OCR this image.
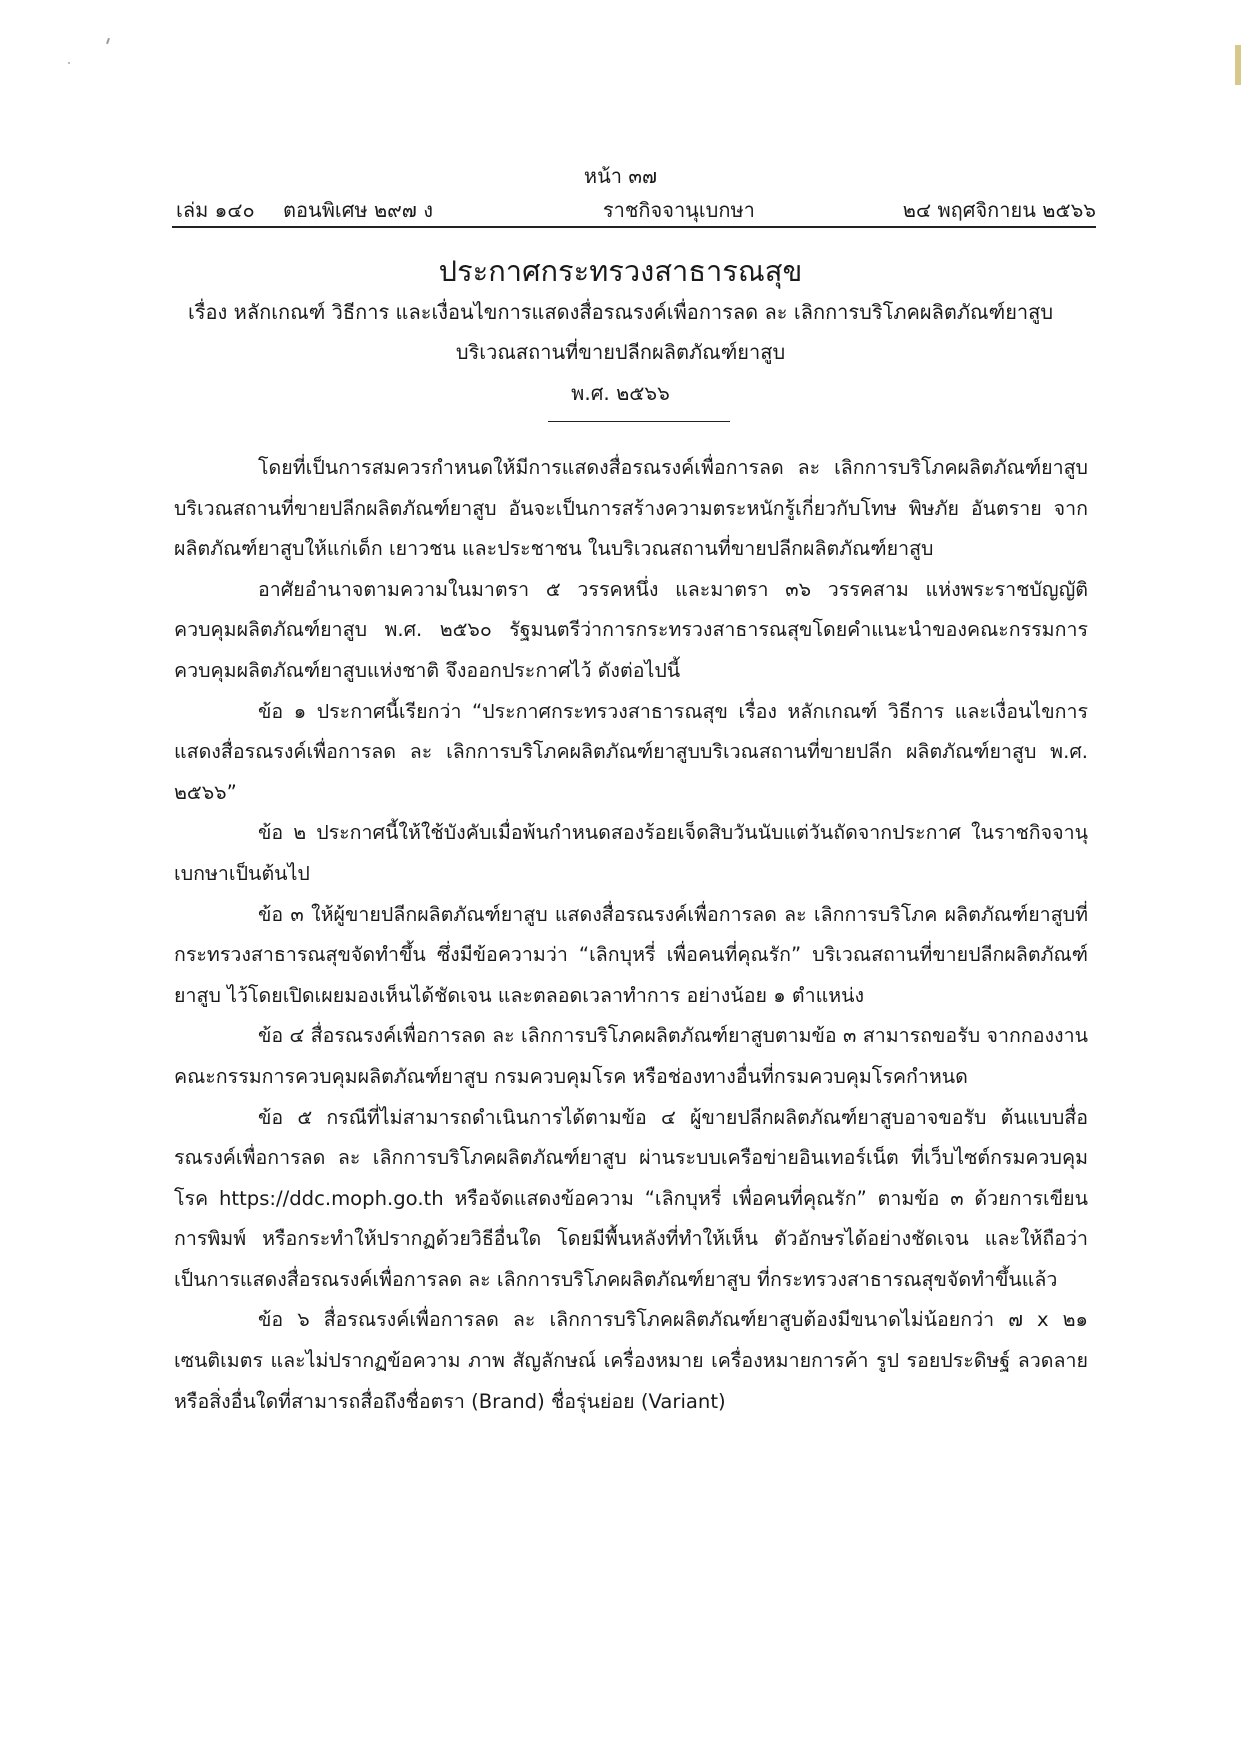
หน้า ๓๗
เล่ม ๑๔๐ ตอนพิเศษ ๒๙๗ ง	ราชกิจจานุเบกษา	๒๔ พฤศจิกายน ๒๕๖๖
ประกาศกระทรวงสาธารณสุข
เรื่อง หลักเกณฑ์ วิธีการ และเงื่อนไขการแสดงสื่อรณรงค์เพื่อการลด ละ เลิกการบริโภคผลิตภัณฑ์ยาสูบ
บริเวณสถานที่ขายปลีกผลิตภัณฑ์ยาสูบ
พ.ศ. ๒๕๖๖

โดยที่เป็นการสมควรกำหนดให้มีการแสดงสื่อรณรงค์เพื่อการลด ละ เลิกการบริโภคผลิตภัณฑ์ยาสูบ บริเวณสถานที่ขายปลีกผลิตภัณฑ์ยาสูบ อันจะเป็นการสร้างความตระหนักรู้เกี่ยวกับโทษ พิษภัย อันตราย จากผลิตภัณฑ์ยาสูบให้แก่เด็ก เยาวชน และประชาชน ในบริเวณสถานที่ขายปลีกผลิตภัณฑ์ยาสูบ

อาศัยอำนาจตามความในมาตรา ๕ วรรคหนึ่ง และมาตรา ๓๖ วรรคสาม แห่งพระราชบัญญัติ ควบคุมผลิตภัณฑ์ยาสูบ พ.ศ. ๒๕๖๐ รัฐมนตรีว่าการกระทรวงสาธารณสุขโดยคำแนะนำของคณะกรรมการ ควบคุมผลิตภัณฑ์ยาสูบแห่งชาติ จึงออกประกาศไว้ ดังต่อไปนี้

ข้อ ๑ ประกาศนี้เรียกว่า “ประกาศกระทรวงสาธารณสุข เรื่อง หลักเกณฑ์ วิธีการ และเงื่อนไขการแสดงสื่อรณรงค์เพื่อการลด ละ เลิกการบริโภคผลิตภัณฑ์ยาสูบบริเวณสถานที่ขายปลีก ผลิตภัณฑ์ยาสูบ พ.ศ. ๒๕๖๖”

ข้อ ๒ ประกาศนี้ให้ใช้บังคับเมื่อพ้นกำหนดสองร้อยเจ็ดสิบวันนับแต่วันถัดจากประกาศ ในราชกิจจานุเบกษาเป็นต้นไป

ข้อ ๓ ให้ผู้ขายปลีกผลิตภัณฑ์ยาสูบ แสดงสื่อรณรงค์เพื่อการลด ละ เลิกการบริโภค ผลิตภัณฑ์ยาสูบที่กระทรวงสาธารณสุขจัดทำขึ้น ซึ่งมีข้อความว่า “เลิกบุหรี่ เพื่อคนที่คุณรัก” บริเวณสถานที่ขายปลีกผลิตภัณฑ์ยาสูบ ไว้โดยเปิดเผยมองเห็นได้ชัดเจน และตลอดเวลาทำการ อย่างน้อย ๑ ตำแหน่ง

ข้อ ๔ สื่อรณรงค์เพื่อการลด ละ เลิกการบริโภคผลิตภัณฑ์ยาสูบตามข้อ ๓ สามารถขอรับ จากกองงานคณะกรรมการควบคุมผลิตภัณฑ์ยาสูบ กรมควบคุมโรค หรือช่องทางอื่นที่กรมควบคุมโรคกำหนด

ข้อ ๕ กรณีที่ไม่สามารถดำเนินการได้ตามข้อ ๔ ผู้ขายปลีกผลิตภัณฑ์ยาสูบอาจขอรับ ต้นแบบสื่อรณรงค์เพื่อการลด ละ เลิกการบริโภคผลิตภัณฑ์ยาสูบ ผ่านระบบเครือข่ายอินเทอร์เน็ต ที่เว็บไซต์กรมควบคุมโรค https://ddc.moph.go.th หรือจัดแสดงข้อความ “เลิกบุหรี่ เพื่อคนที่คุณรัก” ตามข้อ ๓ ด้วยการเขียน การพิมพ์ หรือกระทำให้ปรากฏด้วยวิธีอื่นใด โดยมีพื้นหลังที่ทำให้เห็น ตัวอักษรได้อย่างชัดเจน และให้ถือว่าเป็นการแสดงสื่อรณรงค์เพื่อการลด ละ เลิกการบริโภคผลิตภัณฑ์ยาสูบ ที่กระทรวงสาธารณสุขจัดทำขึ้นแล้ว

ข้อ ๖ สื่อรณรงค์เพื่อการลด ละ เลิกการบริโภคผลิตภัณฑ์ยาสูบต้องมีขนาดไม่น้อยกว่า ๗ x ๒๑ เซนติเมตร และไม่ปรากฏข้อความ ภาพ สัญลักษณ์ เครื่องหมาย เครื่องหมายการค้า รูป รอยประดิษฐ์ ลวดลาย หรือสิ่งอื่นใดที่สามารถสื่อถึงชื่อตรา (Brand) ชื่อรุ่นย่อย (Variant)
